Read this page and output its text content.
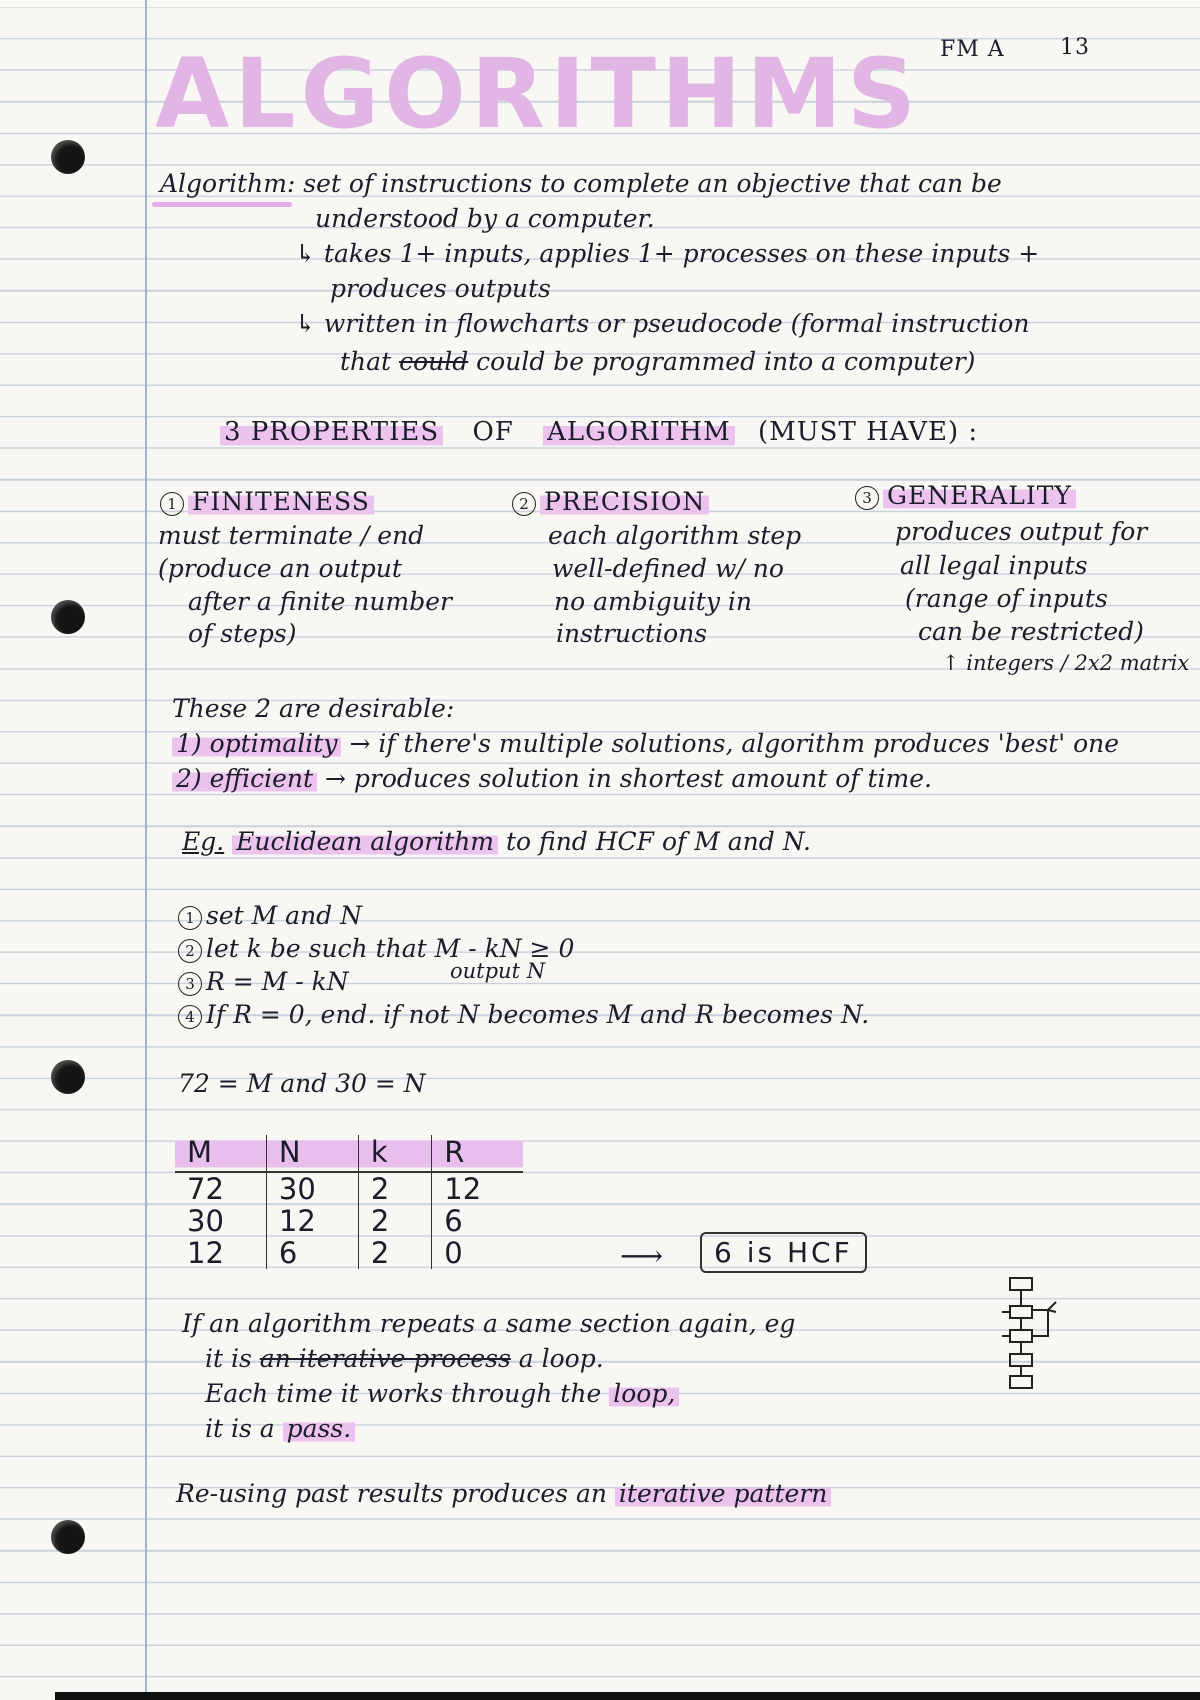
ALGORITHMS FM A	13
Algorithm: set of instructions to complete an objective that can be
understood by a computer.
↳ takes 1+ inputs, applies 1+ processes on these inputs +
produces outputs
↳ written in flowcharts or pseudocode (formal instruction
that could could be programmed into a computer)
3 PROPERTIES OF ALGORITHM (MUST HAVE) :
1 FINITENESS
must terminate / end
(produce an output
after a finite number
of steps)
2 PRECISION
each algorithm step
well-defined w/ no
no ambiguity in
instructions
3 GENERALITY
produces output for
all legal inputs
(range of inputs
can be restricted)
↑ integers / 2x2 matrix
These 2 are desirable:
1) optimality → if there's multiple solutions, algorithm produces 'best' one
2) efficient → produces solution in shortest amount of time.
Eg. Euclidean algorithm to find HCF of M and N.
1 set M and N
2 let k be such that M - kN ≥ 0
3 R = M - kN	output N
4 If R = 0, end. if not N becomes M and R becomes N.
72 = M and 30 = N
M	N	k	R
72	30	2	12
30	12	2	6
12	6	2	0	⟶	6 is HCF
If an algorithm repeats a same section again, eg
it is an iterative process a loop.
Each time it works through the loop,
it is a pass.
Re-using past results produces an iterative pattern
